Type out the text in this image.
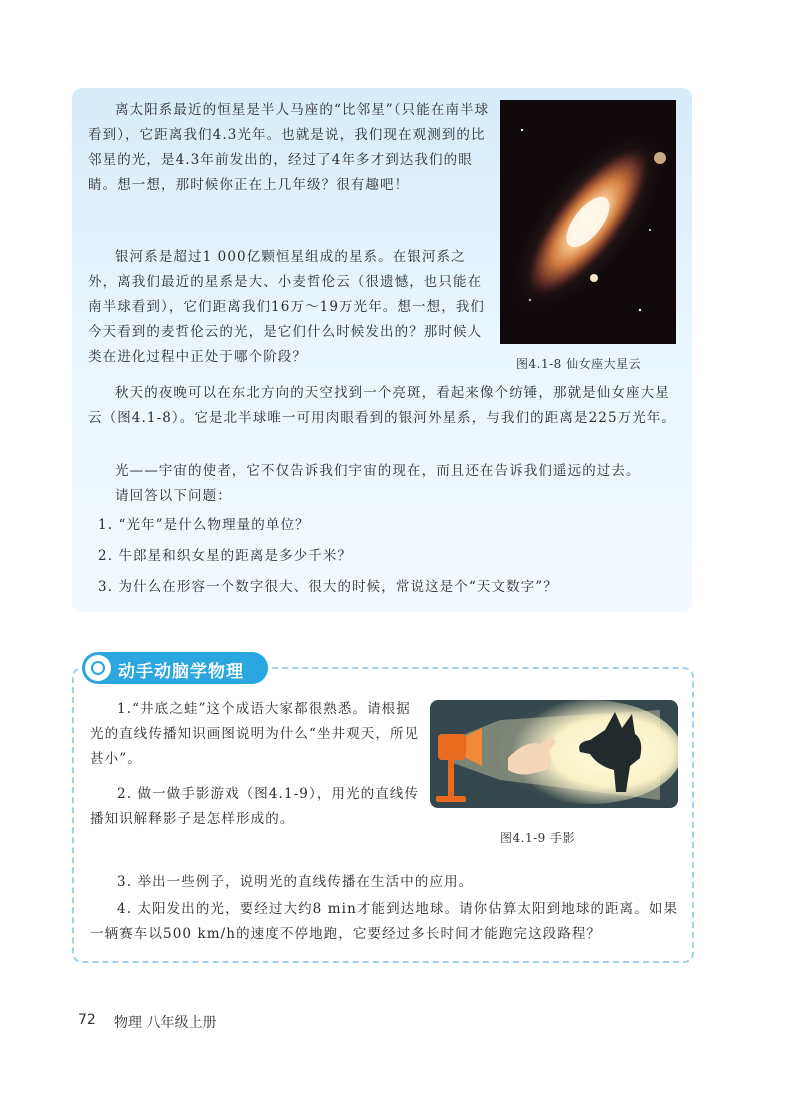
离太阳系最近的恒星是半人马座的“比邻星”（只能在南半球看到），它距离我们4.3光年。也就是说，我们现在观测到的比邻星的光，是4.3年前发出的，经过了4年多才到达我们的眼睛。想一想，那时候你正在上几年级？很有趣吧！

银河系是超过1 000亿颗恒星组成的星系。在银河系之外，离我们最近的星系是大、小麦哲伦云（很遗憾，也只能在南半球看到），它们距离我们16万～19万光年。想一想，我们今天看到的麦哲伦云的光，是它们什么时候发出的？那时候人类在进化过程中正处于哪个阶段？	图4.1-8 仙女座大星云

秋天的夜晚可以在东北方向的天空找到一个亮斑，看起来像个纺锤，那就是仙女座大星云（图4.1-8）。它是北半球唯一可用肉眼看到的银河外星系，与我们的距离是225万光年。

光——宇宙的使者，它不仅告诉我们宇宙的现在，而且还在告诉我们遥远的过去。

请回答以下问题：

1. “光年”是什么物理量的单位？
2. 牛郎星和织女星的距离是多少千米？
3. 为什么在形容一个数字很大、很大的时候，常说这是个“天文数字”？
动手动脑学物理

1.“井底之蛙”这个成语大家都很熟悉。请根据光的直线传播知识画图说明为什么“坐井观天，所见甚小”。

2. 做一做手影游戏（图4.1-9），用光的直线传播知识解释影子是怎样形成的。

图4.1-9 手影

3. 举出一些例子，说明光的直线传播在生活中的应用。

4. 太阳发出的光，要经过大约8 min才能到达地球。请你估算太阳到地球的距离。如果一辆赛车以500 km/h的速度不停地跑，它要经过多长时间才能跑完这段路程？

72 物理 八年级上册
